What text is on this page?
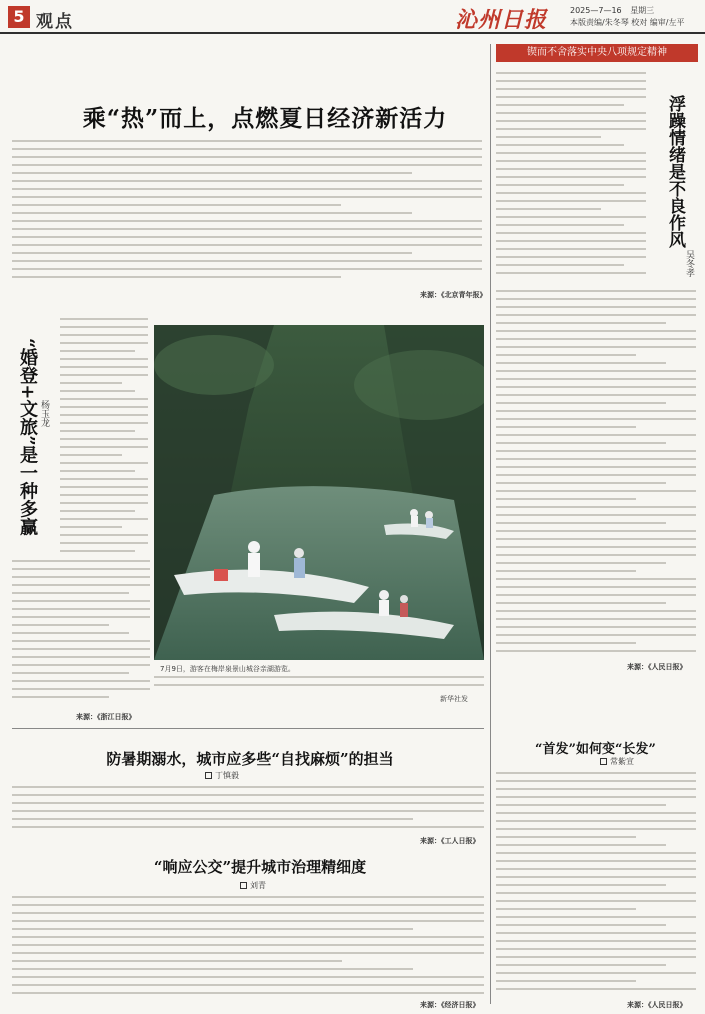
5 观点	沁州日报	2025—7—16 星期三
本版责编/朱冬琴 校对 编审/左平
锲而不舍落实中央八项规定精神
乘“热”而上，点燃夏日经济新活力
来源：《北京青年报》
浮躁情绪是不良作风
吴冬孝
来源：《人民日报》
“婚登+文旅”是一种多赢 杨玉龙
来源：《浙江日报》
7月9日，游客在梅岸泉景山城谷亲湖游览。
新华社发
防暑期溺水，城市应多些“自找麻烦”的担当
丁慎毅
来源：《工人日报》
“响应公交”提升城市治理精细度
刘青
来源：《经济日报》
“首发”如何变“长发”
常紫宣
来源：《人民日报》
